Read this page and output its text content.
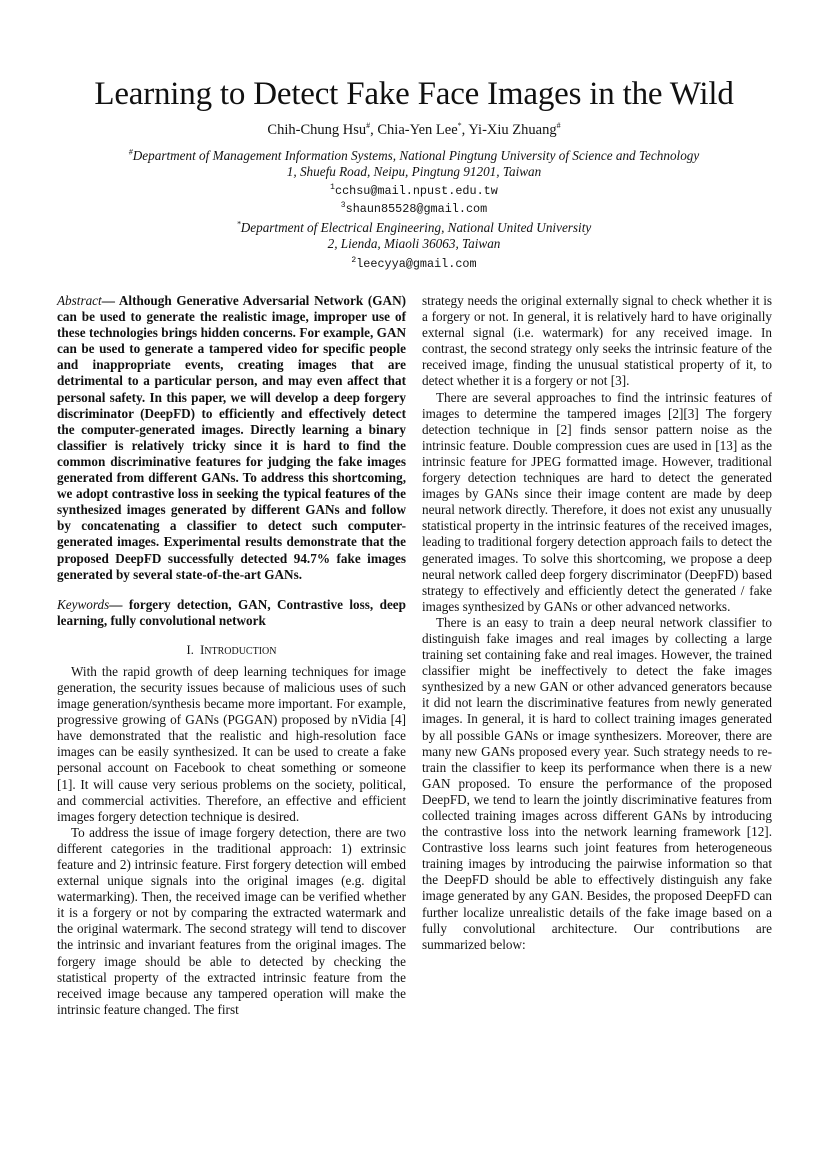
Learning to Detect Fake Face Images in the Wild
Chih-Chung Hsu#, Chia-Yen Lee*, Yi-Xiu Zhuang#
#Department of Management Information Systems, National Pingtung University of Science and Technology
1, Shuefu Road, Neipu, Pingtung 91201, Taiwan
$^1$cchsu@mail.npust.edu.tw
$^3$shaun85528@gmail.com
*Department of Electrical Engineering, National United University
2, Lienda, Miaoli 36063, Taiwan
$^2$leecyya@gmail.com

Abstract— Although Generative Adversarial Network (GAN) can be used to generate the realistic image, improper use of these technologies brings hidden concerns. For example, GAN can be used to generate a tampered video for specific people and inappropriate events, creating images that are detrimental to a particular person, and may even affect that personal safety. In this paper, we will develop a deep forgery discriminator (DeepFD) to efficiently and effectively detect the computer-generated images. Directly learning a binary classifier is relatively tricky since it is hard to find the common discriminative features for judging the fake images generated from different GANs. To address this shortcoming, we adopt contrastive loss in seeking the typical features of the synthesized images generated by different GANs and follow by concatenating a classifier to detect such computer-generated images. Experimental results demonstrate that the proposed DeepFD successfully detected 94.7% fake images generated by several state-of-the-art GANs.

Keywords— forgery detection, GAN, Contrastive loss, deep learning, fully convolutional network

I. INTRODUCTION

With the rapid growth of deep learning techniques for image generation, the security issues because of malicious uses of such image generation/synthesis became more important. For example, progressive growing of GANs (PGGAN) proposed by nVidia [4] have demonstrated that the realistic and high-resolution face images can be easily synthesized. It can be used to create a fake personal account on Facebook to cheat something or someone [1]. It will cause very serious problems on the society, political, and commercial activities. Therefore, an effective and efficient images forgery detection technique is desired.

To address the issue of image forgery detection, there are two different categories in the traditional approach: 1) extrinsic feature and 2) intrinsic feature. First forgery detection will embed external unique signals into the original images (e.g. digital watermarking). Then, the received image can be verified whether it is a forgery or not by comparing the extracted watermark and the original watermark. The second strategy will tend to discover the intrinsic and invariant features from the original images. The forgery image should be able to detected by checking the statistical property of the extracted intrinsic feature from the received image because any tampered operation will make the intrinsic feature changed. The first

strategy needs the original externally signal to check whether it is a forgery or not. In general, it is relatively hard to have originally external signal (i.e. watermark) for any received image. In contrast, the second strategy only seeks the intrinsic feature of the received image, finding the unusual statistical property of it, to detect whether it is a forgery or not [3].

There are several approaches to find the intrinsic features of images to determine the tampered images [2][3] The forgery detection technique in [2] finds sensor pattern noise as the intrinsic feature. Double compression cues are used in [13] as the intrinsic feature for JPEG formatted image. However, traditional forgery detection techniques are hard to detect the generated images by GANs since their image content are made by deep neural network directly. Therefore, it does not exist any unusually statistical property in the intrinsic features of the received images, leading to traditional forgery detection approach fails to detect the generated images. To solve this shortcoming, we propose a deep neural network called deep forgery discriminator (DeepFD) based strategy to effectively and efficiently detect the generated / fake images synthesized by GANs or other advanced networks.

There is an easy to train a deep neural network classifier to distinguish fake images and real images by collecting a large training set containing fake and real images. However, the trained classifier might be ineffectively to detect the fake images synthesized by a new GAN or other advanced generators because it did not learn the discriminative features from newly generated images. In general, it is hard to collect training images generated by all possible GANs or image synthesizers. Moreover, there are many new GANs proposed every year. Such strategy needs to re-train the classifier to keep its performance when there is a new GAN proposed. To ensure the performance of the proposed DeepFD, we tend to learn the jointly discriminative features from collected training images across different GANs by introducing the contrastive loss into the network learning framework [12]. Contrastive loss learns such joint features from heterogeneous training images by introducing the pairwise information so that the DeepFD should be able to effectively distinguish any fake image generated by any GAN. Besides, the proposed DeepFD can further localize unrealistic details of the fake image based on a fully convolutional architecture. Our contributions are summarized below:
